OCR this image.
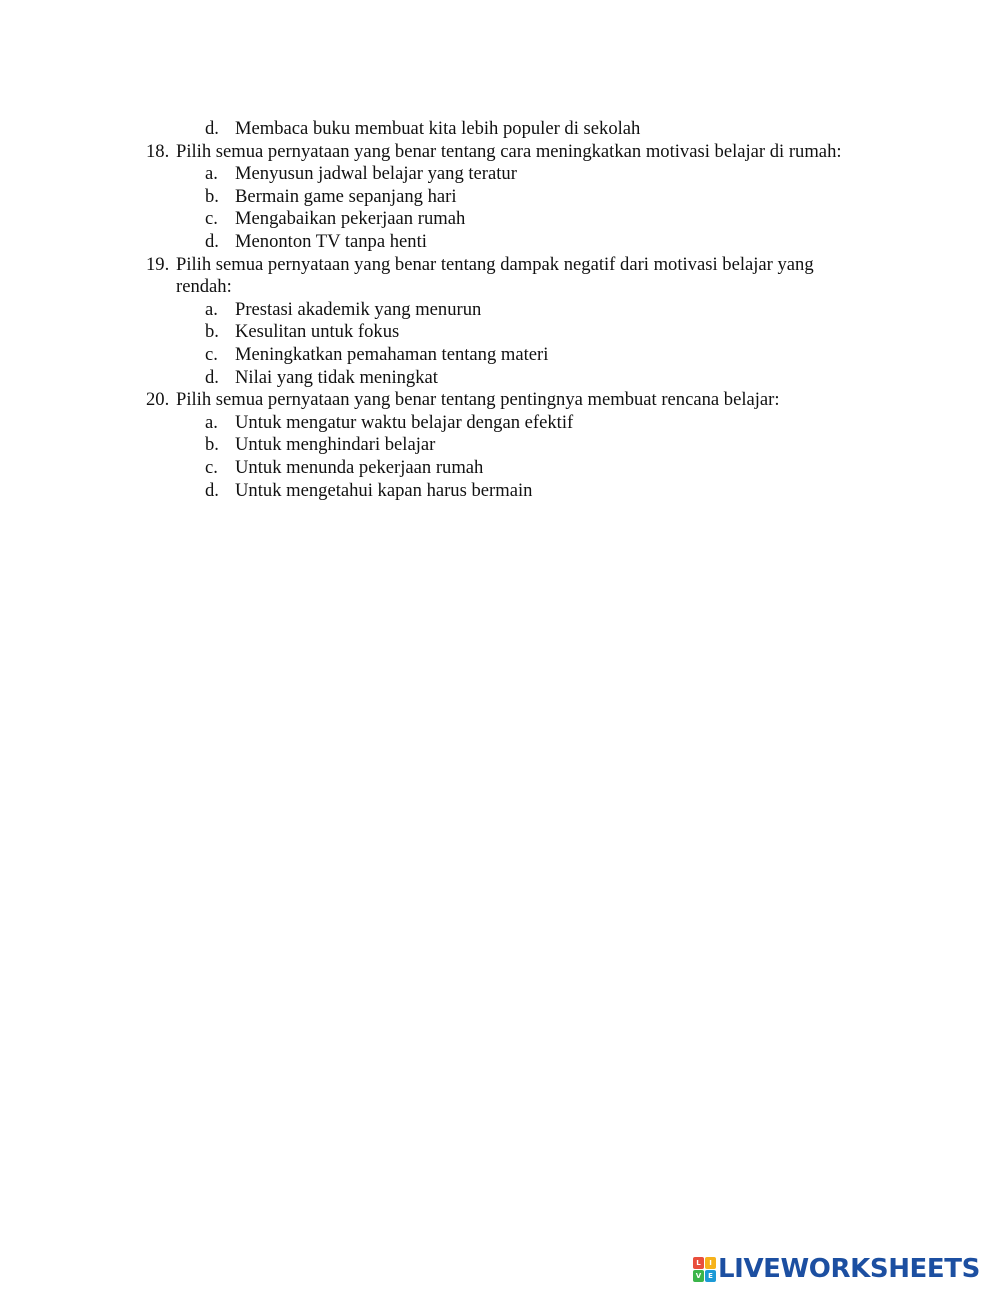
d. Membaca buku membuat kita lebih populer di sekolah
18. Pilih semua pernyataan yang benar tentang cara meningkatkan motivasi belajar di rumah:
a. Menyusun jadwal belajar yang teratur
b. Bermain game sepanjang hari
c. Mengabaikan pekerjaan rumah
d. Menonton TV tanpa henti
19. Pilih semua pernyataan yang benar tentang dampak negatif dari motivasi belajar yang
rendah:
a. Prestasi akademik yang menurun
b. Kesulitan untuk fokus
c. Meningkatkan pemahaman tentang materi
d. Nilai yang tidak meningkat
20. Pilih semua pernyataan yang benar tentang pentingnya membuat rencana belajar:
a. Untuk mengatur waktu belajar dengan efektif
b. Untuk menghindari belajar
c. Untuk menunda pekerjaan rumah
d. Untuk mengetahui kapan harus bermain
L	I
V E LIVEWORKSHEETS
